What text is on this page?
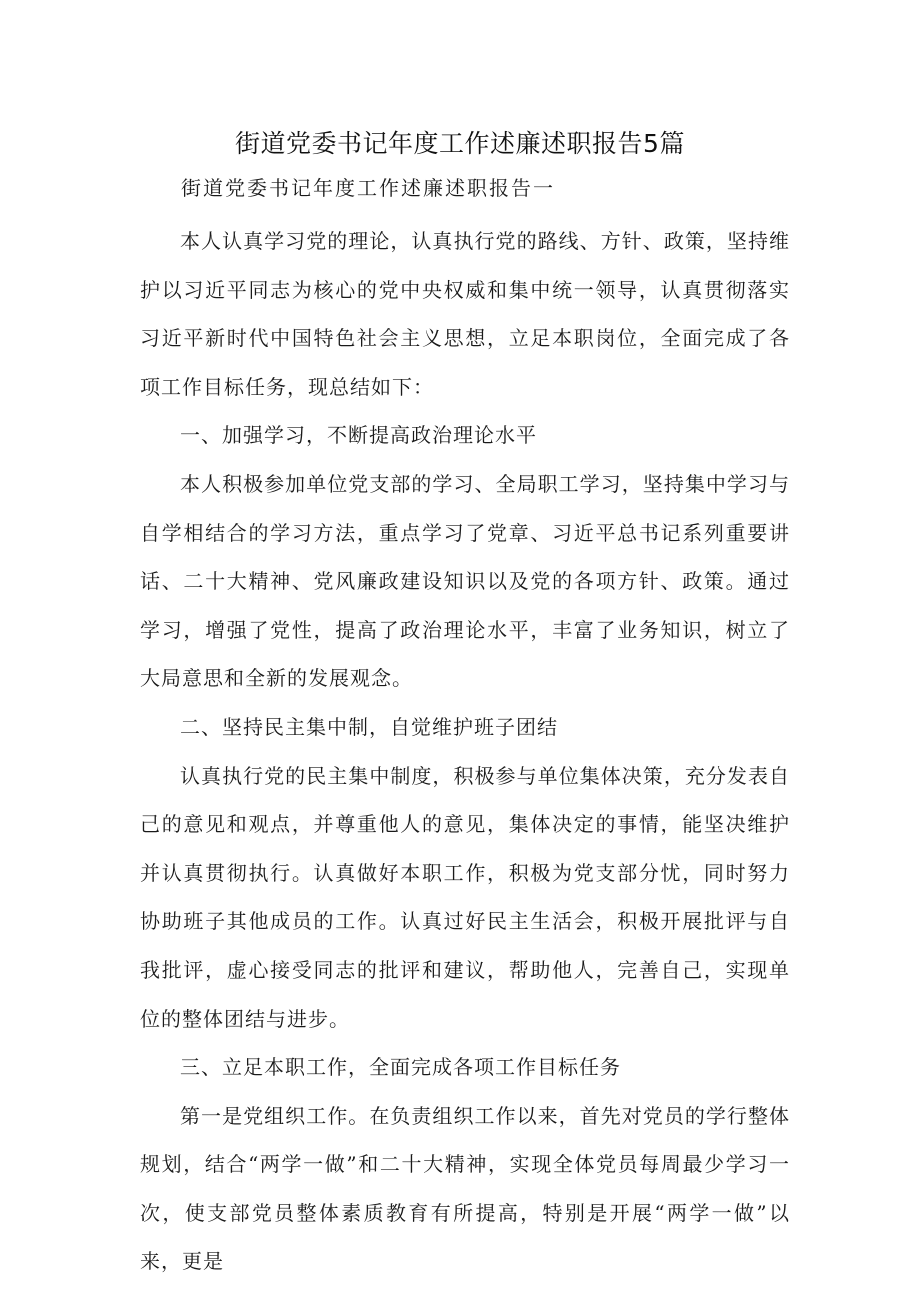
街道党委书记年度工作述廉述职报告5篇
街道党委书记年度工作述廉述职报告一

本人认真学习党的理论，认真执行党的路线、方针、政策，坚持维护以习近平同志为核心的党中央权威和集中统一领导，认真贯彻落实习近平新时代中国特色社会主义思想，立足本职岗位，全面完成了各项工作目标任务，现总结如下：

一、加强学习，不断提高政治理论水平

本人积极参加单位党支部的学习、全局职工学习，坚持集中学习与自学相结合的学习方法，重点学习了党章、习近平总书记系列重要讲话、二十大精神、党风廉政建设知识以及党的各项方针、政策。通过学习，增强了党性，提高了政治理论水平，丰富了业务知识，树立了大局意思和全新的发展观念。

二、坚持民主集中制，自觉维护班子团结

认真执行党的民主集中制度，积极参与单位集体决策，充分发表自己的意见和观点，并尊重他人的意见，集体决定的事情，能坚决维护并认真贯彻执行。认真做好本职工作，积极为党支部分忧，同时努力协助班子其他成员的工作。认真过好民主生活会，积极开展批评与自我批评，虚心接受同志的批评和建议，帮助他人，完善自己，实现单位的整体团结与进步。

三、立足本职工作，全面完成各项工作目标任务

第一是党组织工作。在负责组织工作以来，首先对党员的学行整体规划，结合“两学一做”和二十大精神，实现全体党员每周最少学习一次，使支部党员整体素质教育有所提高，特别是开展“两学一做”以来，更是
